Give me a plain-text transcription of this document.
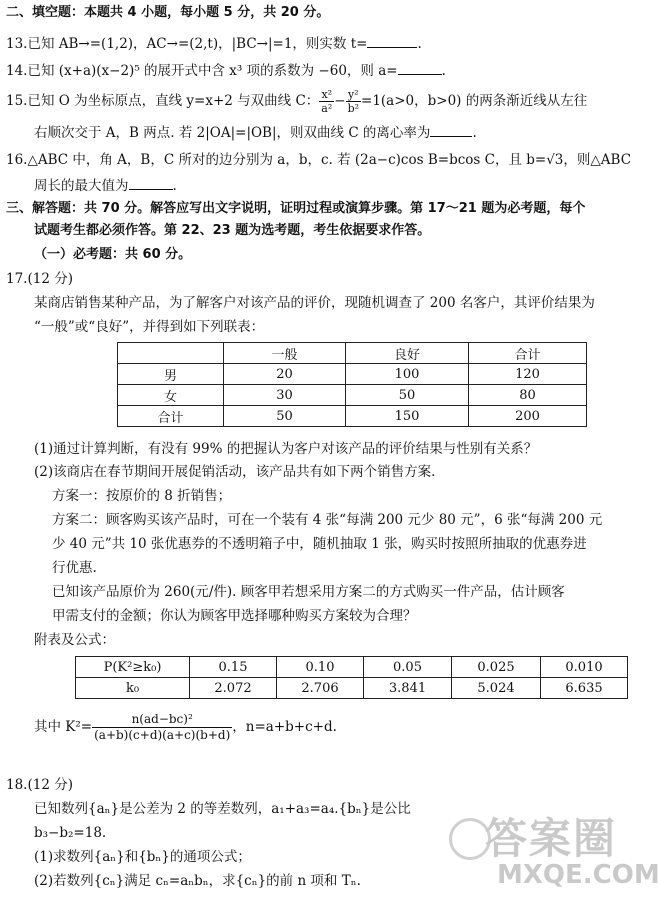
二、填空题：本题共 4 小题，每小题 5 分，共 20 分。
13.已知 AB→=(1,2)，AC→=(2,t)，|BC→|=1，则实数 t=	.
14.已知 (x+a)(x−2)⁵ 的展开式中含 x³ 项的系数为 −60，则 a=	.
15.已知 O 为坐标原点，直线 y=x+2 与双曲线 C： $\frac{\text{x²}}{\text{a²}} - \frac{\text{y²}}{\text{b²}} =1(a>0$，b>0) 的两条渐近线从左往
右顺次交于 A，B 两点. 若 2|OA|=|OB|，则双曲线 C 的离心率为	.
16.△ABC 中，角 A，B，C 所对的边分别为 a，b，c. 若 (2a−c)cos B=bcos C，且 b=√3，则△ABC
周长的最大值为	.
三、解答题：共 70 分。解答应写出文字说明，证明过程或演算步骤。第 17～21 题为必考题，每个
试题考生都必须作答。第 22、23 题为选考题，考生依据要求作答。
（一）必考题：共 60 分。
17.(12 分)
某商店销售某种产品，为了解客户对该产品的评价，现随机调查了 200 名客户，其评价结果为
“一般”或“良好”，并得到如下列联表：
	一般	良好	合计
男	20	100	120
女	30	50	80
合计	50	150	200
(1)通过计算判断，有没有 99% 的把握认为客户对该产品的评价结果与性别有关系？
(2)该商店在春节期间开展促销活动，该产品共有如下两个销售方案.
方案一：按原价的 8 折销售；
方案二：顾客购买该产品时，可在一个装有 4 张“每满 200 元少 80 元”，6 张“每满 200 元
少 40 元”共 10 张优惠券的不透明箱子中，随机抽取 1 张，购买时按照所抽取的优惠券进
行优惠.
已知该产品原价为 260(元/件). 顾客甲若想采用方案二的方式购买一件产品，估计顾客
甲需支付的金额；你认为顾客甲选择哪种购买方案较为合理？
附表及公式：
P(K²≥k₀)	0.15	0.10	0.05	0.025	0.010
k₀	2.072	2.706	3.841	5.024	6.635
其中 $K^2= \frac{\text{n(ad−bc)²}}{(a+b)(c+d)(a+c)(b+d)}$ ，n=a+b+c+d.
18.(12 分)
已知数列{aₙ}是公差为 2 的等差数列，a₁+a₃=a₄.{bₙ}是公比
b₃−b₂=18.
(1)求数列{aₙ}和{bₙ}的通项公式；
(2)若数列{cₙ}满足 cₙ=aₙbₙ，求{cₙ}的前 n 项和 Tₙ.
答案圈
MXQE.COM
